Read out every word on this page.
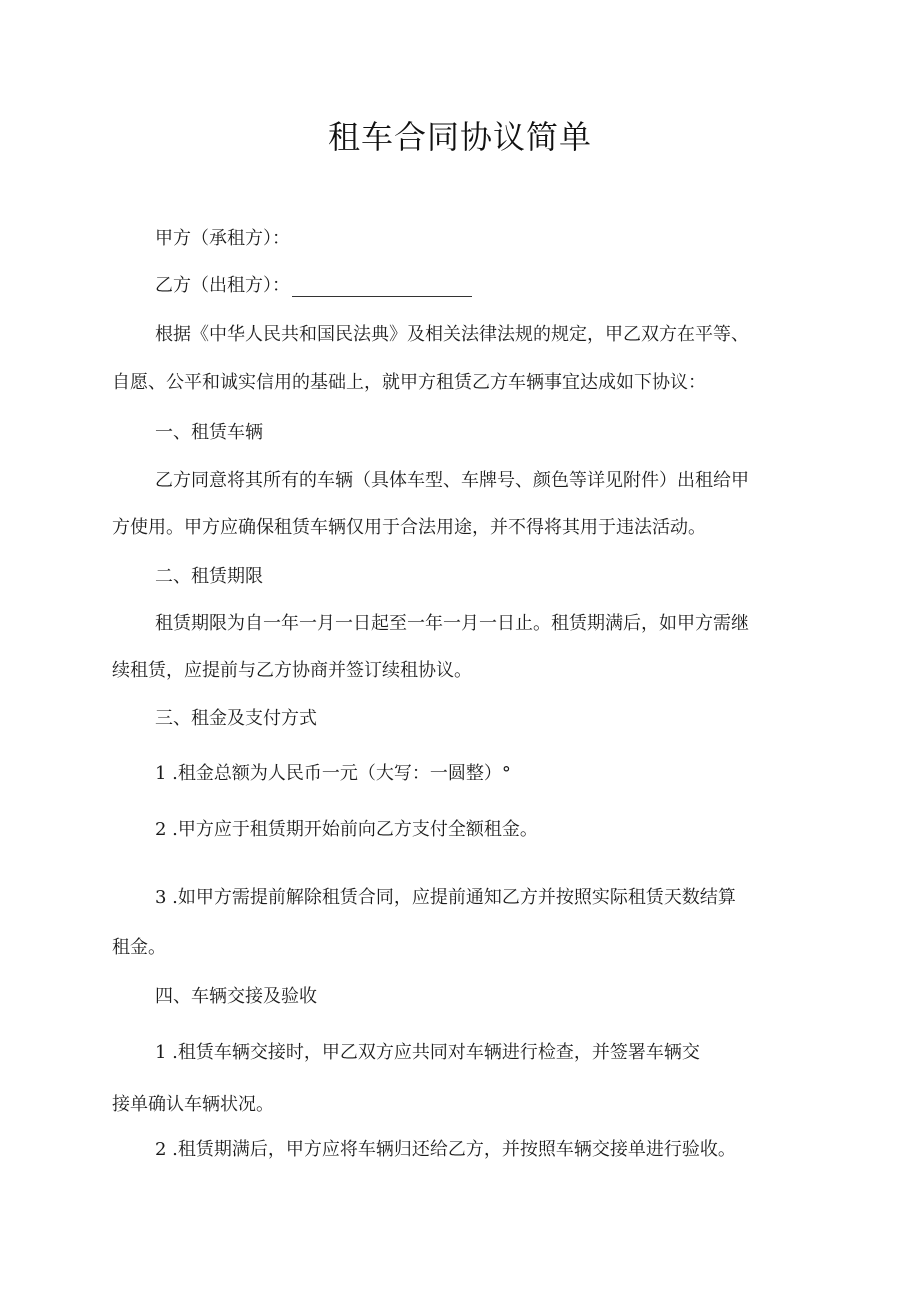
租车合同协议简单
甲方（承租方）：
乙方（出租方）：
根据《中华人民共和国民法典》及相关法律法规的规定，甲乙双方在平等、
自愿、公平和诚实信用的基础上，就甲方租赁乙方车辆事宜达成如下协议：
一、租赁车辆
乙方同意将其所有的车辆（具体车型、车牌号、颜色等详见附件）出租给甲
方使用。甲方应确保租赁车辆仅用于合法用途，并不得将其用于违法活动。
二、租赁期限
租赁期限为自一年一月一日起至一年一月一日止。租赁期满后，如甲方需继
续租赁，应提前与乙方协商并签订续租协议。
三、租金及支付方式
1 .租金总额为人民币一元（大写：一圆整）°
2 .甲方应于租赁期开始前向乙方支付全额租金。
3 .如甲方需提前解除租赁合同，应提前通知乙方并按照实际租赁天数结算
租金。
四、车辆交接及验收
1 .租赁车辆交接时，甲乙双方应共同对车辆进行检查，并签署车辆交
接单确认车辆状况。
2 .租赁期满后，甲方应将车辆归还给乙方，并按照车辆交接单进行验收。
